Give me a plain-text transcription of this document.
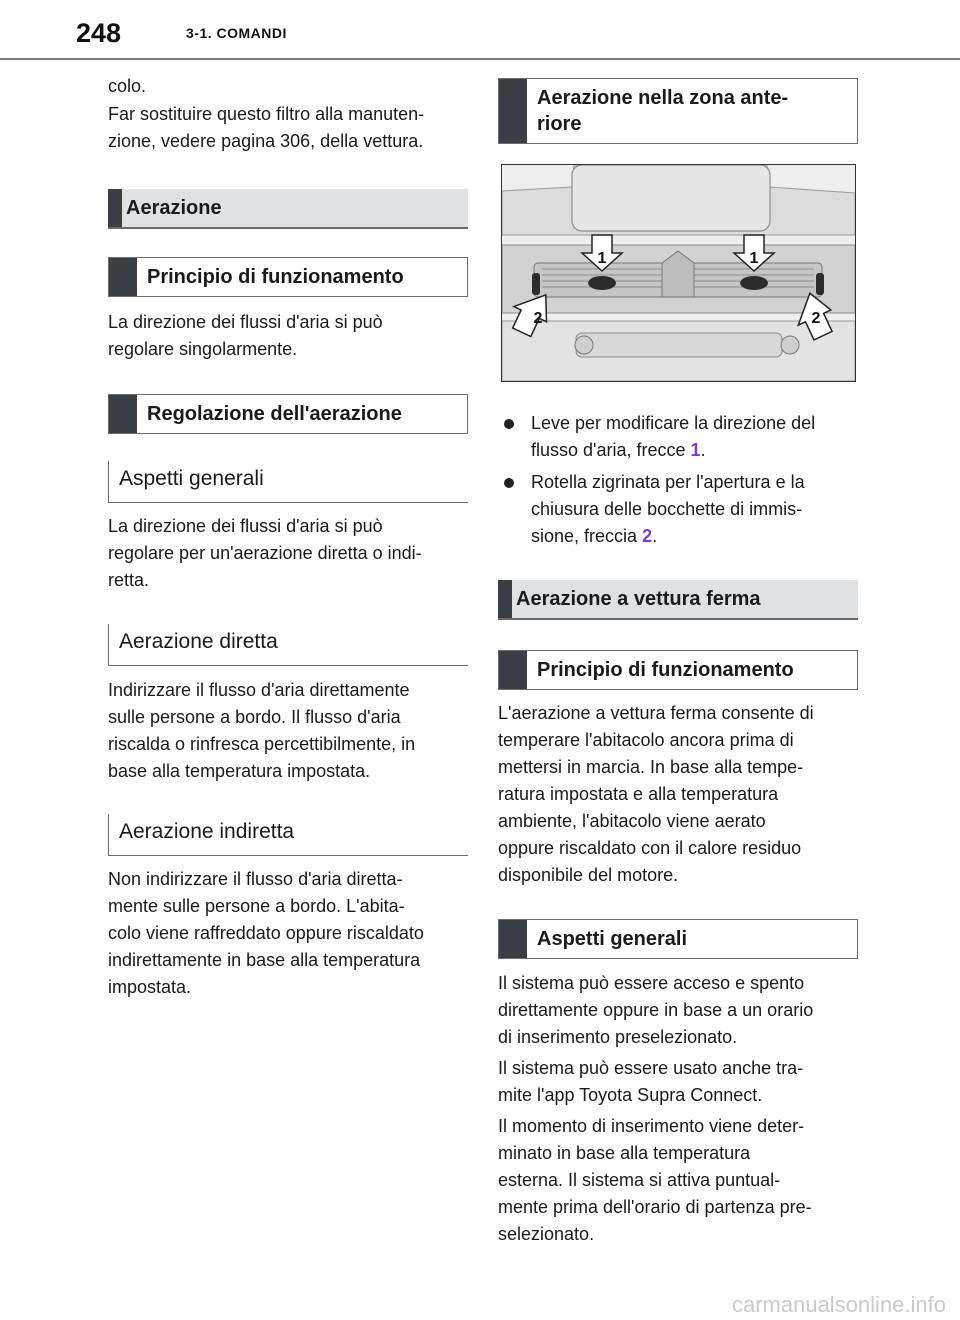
248	3-1. COMANDI

colo.

Far sostituire questo filtro alla manuten-
zione, vedere pagina 306, della vettura.

Aerazione
Principio di funzionamento

La direzione dei flussi d'aria si può
regolare singolarmente.

Regolazione dell'aerazione
Aspetti generali

La direzione dei flussi d'aria si può
regolare per un'aerazione diretta o indi-
retta.

Aerazione diretta

Indirizzare il flusso d'aria direttamente
sulle persone a bordo. Il flusso d'aria
riscalda o rinfresca percettibilmente, in
base alla temperatura impostata.

Aerazione indiretta

Non indirizzare il flusso d'aria diretta-
mente sulle persone a bordo. L'abita-
colo viene raffreddato oppure riscaldato
indirettamente in base alla temperatura
impostata.

Aerazione nella zona ante-
riore
1	1
2	2
Leve per modificare la direzione del
flusso d'aria, frecce 1.
Rotella zigrinata per l'apertura e la
chiusura delle bocchette di immis-
sione, freccia 2.
Aerazione a vettura ferma
Principio di funzionamento

L'aerazione a vettura ferma consente di
temperare l'abitacolo ancora prima di
mettersi in marcia. In base alla tempe-
ratura impostata e alla temperatura
ambiente, l'abitacolo viene aerato
oppure riscaldato con il calore residuo
disponibile del motore.

Aspetti generali

Il sistema può essere acceso e spento
direttamente oppure in base a un orario
di inserimento preselezionato.

Il sistema può essere usato anche tra-
mite l'app Toyota Supra Connect.

Il momento di inserimento viene deter-
minato in base alla temperatura
esterna. Il sistema si attiva puntual-
mente prima dell'orario di partenza pre-
selezionato.

carmanualsonline.info
